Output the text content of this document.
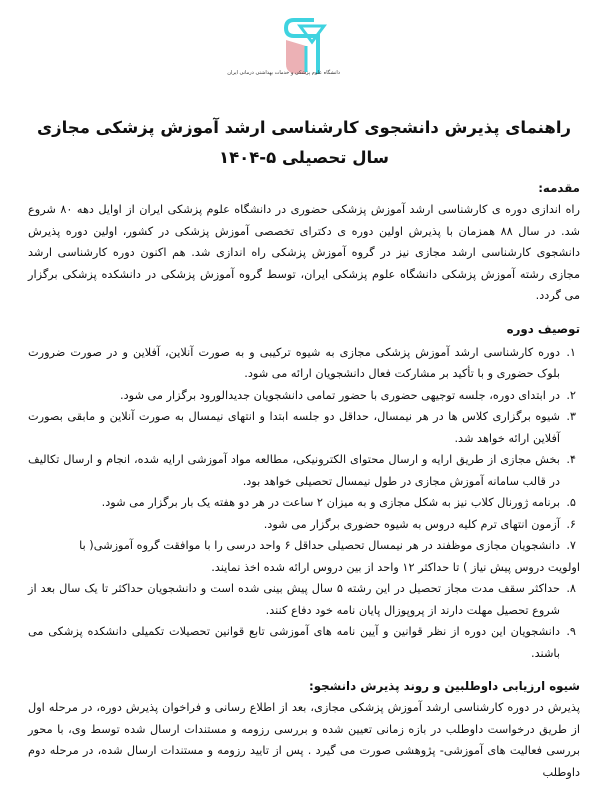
دانشگاه علوم پزشکی و خدمات بهداشتی درمانی ایران
راهنمای پذیرش دانشجوی کارشناسی ارشد آموزش پزشکی مجازی
سال تحصیلی ۵-۱۴۰۴
مقدمه:

راه اندازی دوره ی کارشناسی ارشد آموزش پزشکی حضوری در دانشگاه علوم پزشکی ایران از اوایل دهه ۸۰ شروع شد. در سال ۸۸ همزمان با پذیرش اولین دوره ی دکترای تخصصی آموزش پزشکی در کشور، اولین دوره پذیرش دانشجوی کارشناسی ارشد مجازی نیز در گروه آموزش پزشکی راه اندازی شد. هم اکنون دوره کارشناسی ارشد مجازی رشته آموزش پزشکی دانشگاه علوم پزشکی ایران، توسط گروه آموزش پزشکی در دانشکده پزشکی برگزار می گردد.

توصیف دوره
۱.
دوره کارشناسی ارشد آموزش پزشکی مجازی به شیوه ترکیبی و به صورت آنلاین، آفلاین و در صورت ضرورت بلوک حضوری و با تأکید بر مشارکت فعال دانشجویان ارائه می شود.
۲.
در ابتدای دوره، جلسه توجیهی حضوری با حضور تمامی دانشجویان جدیدالورود برگزار می شود.
۳.
شیوه برگزاری کلاس ها در هر نیمسال، حداقل دو جلسه ابتدا و انتهای نیمسال به صورت آنلاین و مابقی بصورت آفلاین ارائه خواهد شد.
۴.
بخش مجازی از طریق ارایه و ارسال محتوای الکترونیکی، مطالعه مواد آموزشی ارایه شده، انجام و ارسال تکالیف در قالب سامانه آموزش مجازی در طول نیمسال تحصیلی خواهد بود.
۵.
برنامه ژورنال کلاب نیز به شکل مجازی و به میزان ۲ ساعت در هر دو هفته یک بار برگزار می شود.
۶.
آزمون انتهای ترم کلیه دروس به شیوه حضوری برگزار می شود.
۷.
دانشجویان مجازی موظفند در هر نیمسال تحصیلی حداقل ۶ واحد درسی را با موافقت گروه آموزشی( با
اولویت دروس پیش نیاز ) تا حداکثر ۱۲ واحد از بین دروس ارائه شده اخذ نمایند.
۸.
حداکثر سقف مدت مجاز تحصیل در این رشته ۵ سال پیش بینی شده است و دانشجویان حداکثر تا یک سال بعد از شروع تحصیل مهلت دارند از پروپوزال پایان نامه خود دفاع کنند.
۹.
دانشجویان این دوره از نظر قوانین و آیین نامه های آموزشی تابع قوانین تحصیلات تکمیلی دانشکده پزشکی می باشند.
شیوه ارزیابی داوطلبین و روند پذیرش دانشجو:

پذیرش در دوره کارشناسی ارشد آموزش پزشکی مجازی، بعد از اطلاع رسانی و فراخوان پذیرش دوره، در مرحله اول از طریق درخواست داوطلب در بازه زمانی تعیین شده و بررسی رزومه و مستندات ارسال شده توسط وی، با محور بررسی فعالیت های آموزشی- پژوهشی صورت می گیرد . پس از تایید رزومه و مستندات ارسال شده، در مرحله دوم داوطلب
